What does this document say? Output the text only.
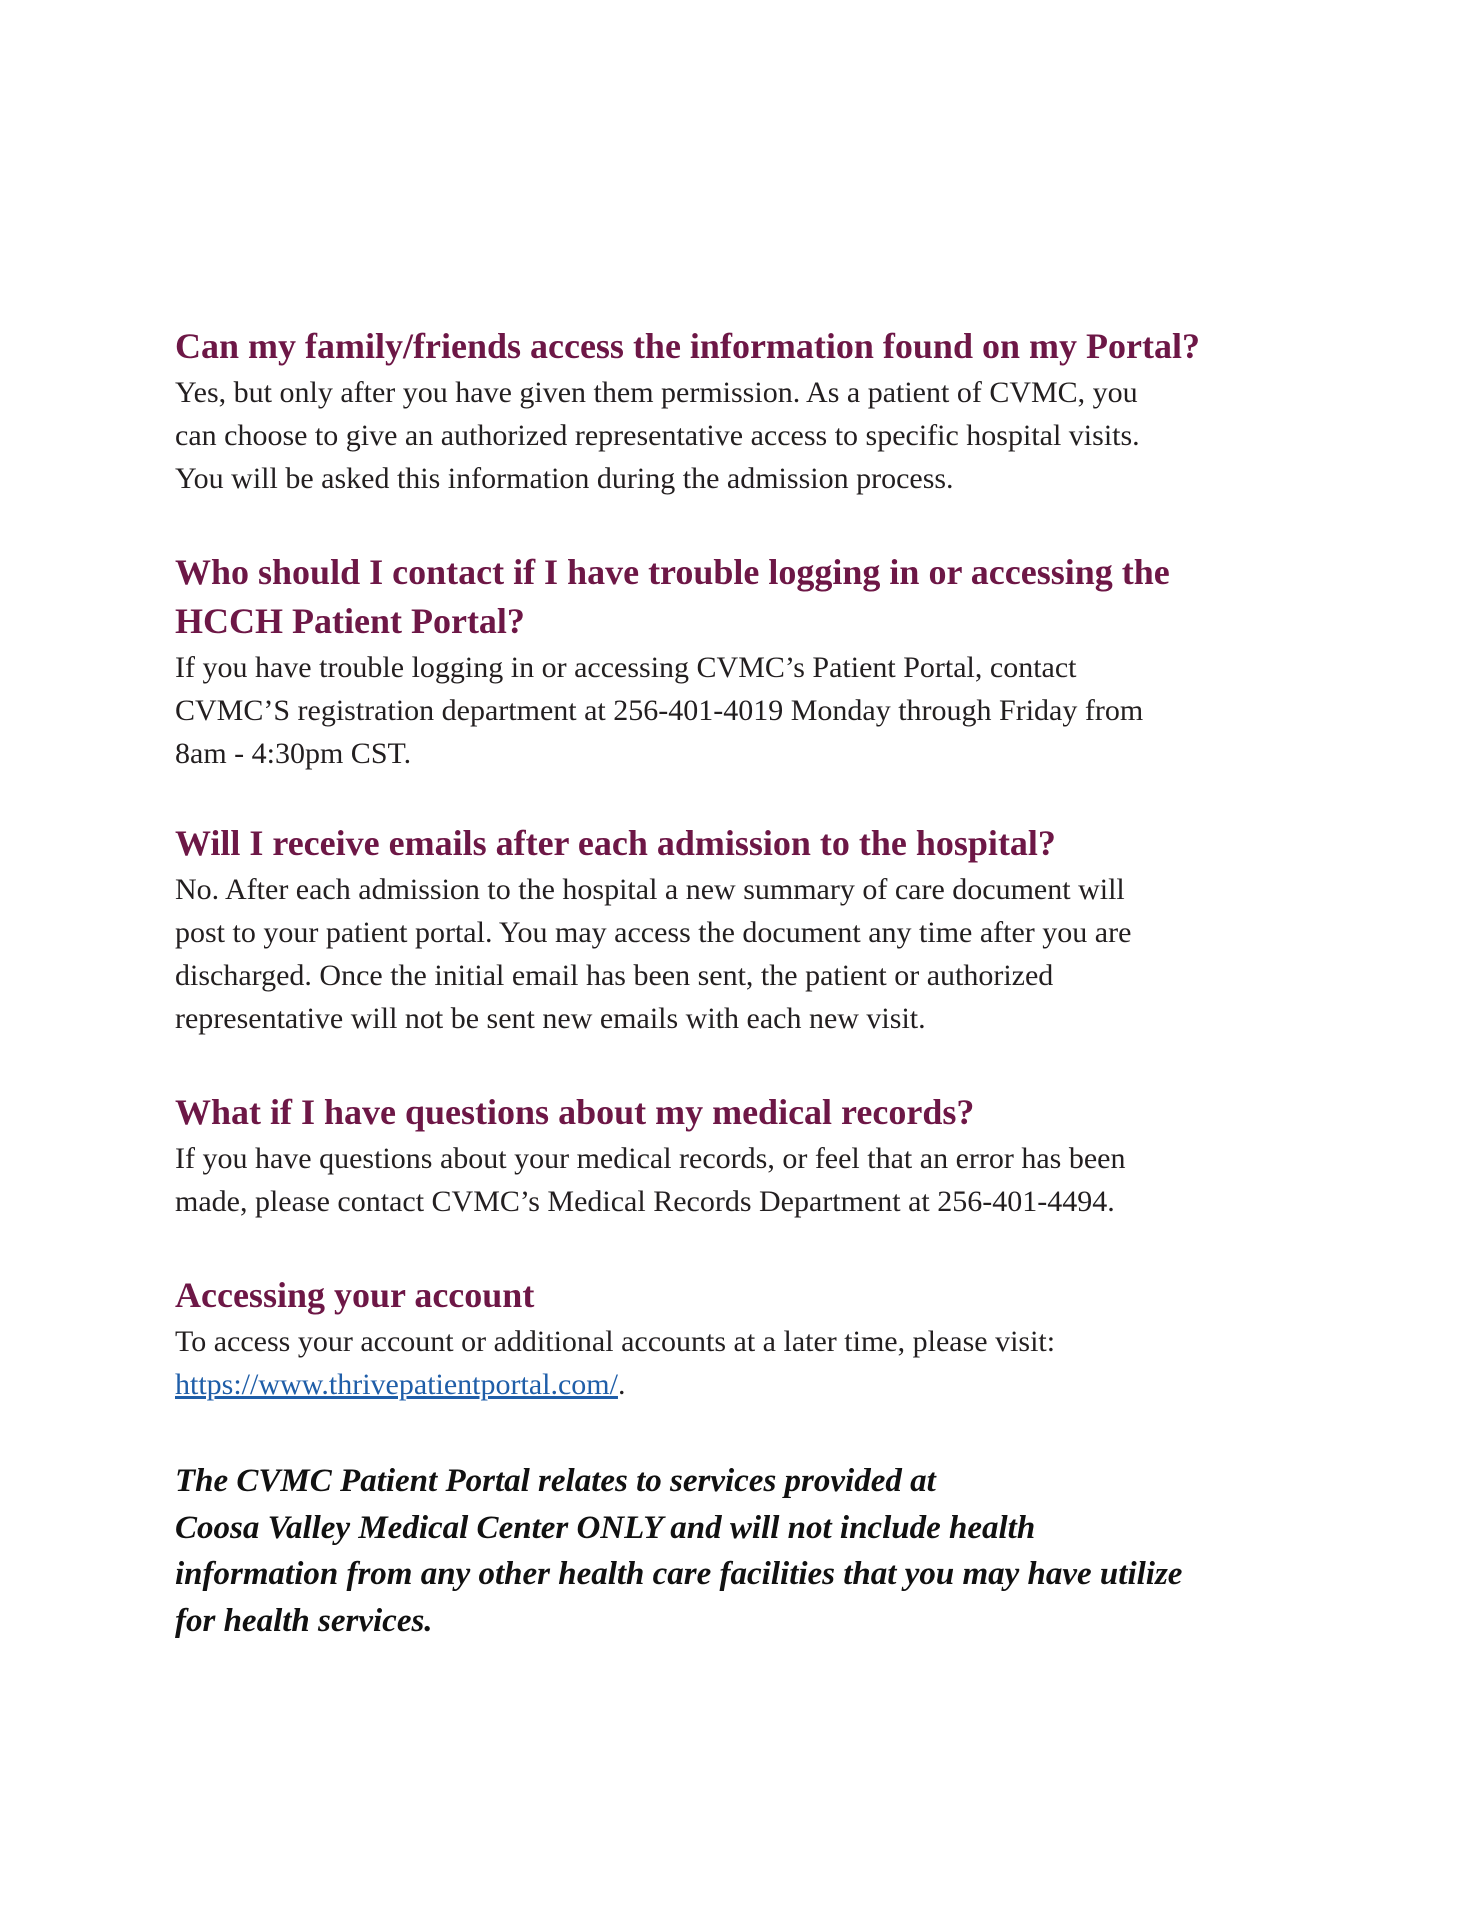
Can my family/friends access the information found on my Portal?

Yes, but only after you have given them permission. As a patient of CVMC, you
can choose to give an authorized representative access to specific hospital visits.
You will be asked this information during the admission process.

Who should I contact if I have trouble logging in or accessing the
HCCH Patient Portal?

If you have trouble logging in or accessing CVMC’s Patient Portal, contact
CVMC’S registration department at 256-401-4019 Monday through Friday from
8am - 4:30pm CST.

Will I receive emails after each admission to the hospital?

No. After each admission to the hospital a new summary of care document will
post to your patient portal. You may access the document any time after you are
discharged. Once the initial email has been sent, the patient or authorized
representative will not be sent new emails with each new visit.

What if I have questions about my medical records?

If you have questions about your medical records, or feel that an error has been
made, please contact CVMC’s Medical Records Department at 256-401-4494.

Accessing your account

To access your account or additional accounts at a later time, please visit:
https://www.thrivepatientportal.com/.

The CVMC Patient Portal relates to services provided at
Coosa Valley Medical Center ONLY and will not include health
information from any other health care facilities that you may have utilize
for health services.
